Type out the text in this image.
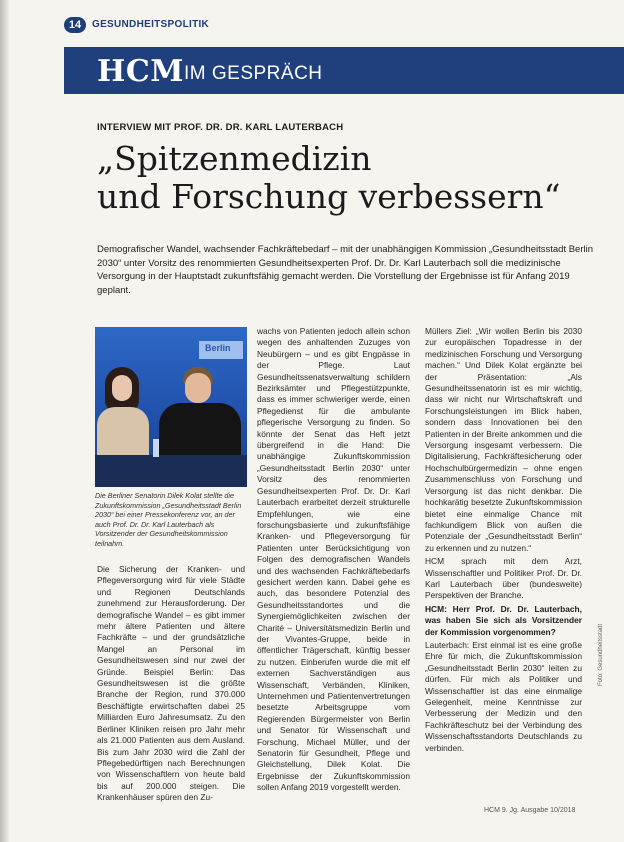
14	GESUNDHEITSPOLITIK
HCM IM GESPRÄCH
INTERVIEW MIT PROF. DR. DR. KARL LAUTERBACH
„Spitzenmedizin
und Forschung verbessern“
Demografischer Wandel, wachsender Fachkräftebedarf – mit der unabhängigen Kommission „Gesundheitsstadt Berlin 2030“ unter Vorsitz des renommierten Gesundheitsexperten Prof. Dr. Dr. Karl Lauterbach soll die medizinische Versorgung in der Hauptstadt zukunftsfähig gemacht werden. Die Vorstellung der Ergebnisse ist für Anfang 2019 geplant.
Berlin
Die Berliner Senatorin Dilek Kolat stellte die Zukunftskommission „Gesundheitsstadt Berlin 2030“ bei einer Pressekonferenz vor, an der auch Prof. Dr. Dr. Karl Lauterbach als Vorsitzender der Gesundheitskommission teilnahm.

Die Sicherung der Kranken- und Pflegeversorgung wird für viele Städte und Regionen Deutschlands zunehmend zur Herausforderung. Der demografische Wandel – es gibt immer mehr ältere Patienten und ältere Fachkräfte – und der grundsätzliche Mangel an Personal im Gesundheitswesen sind nur zwei der Gründe. Beispiel Berlin: Das Gesundheitswesen ist die größte Branche der Region, rund 370.000 Beschäftigte erwirtschaften dabei 25 Milliarden Euro Jahresumsatz. Zu den Berliner Kliniken reisen pro Jahr mehr als 21.000 Patienten aus dem Ausland. Bis zum Jahr 2030 wird die Zahl der Pflegebedürftigen nach Berechnungen von Wissenschaftlern von heute bald bis auf 200.000 steigen. Die Krankenhäuser spüren den Zu-

wachs von Patienten jedoch allein schon wegen des anhaltenden Zuzuges von Neubürgern – und es gibt Engpässe in der Pflege. Laut Gesundheitssenatsverwaltung schildern Bezirksämter und Pflegestützpunkte, dass es immer schwieriger werde, einen Pflegedienst für die ambulante pflegerische Versorgung zu finden. So könnte der Senat das Heft jetzt übergreifend in die Hand: Die unabhängige Zukunftskommission „Gesundheitsstadt Berlin 2030“ unter Vorsitz des renommierten Gesundheitsexperten Prof. Dr. Dr. Karl Lauterbach erarbeitet derzeit strukturelle Empfehlungen, wie eine forschungsbasierte und zukunftsfähige Kranken- und Pflegeversorgung für Patienten unter Berücksichtigung von Folgen des demografischen Wandels und des wachsenden Fachkräftebedarfs gesichert werden kann. Dabei gehe es auch, das besondere Potenzial des Gesundheitsstandortes und die Synergiemöglichkeiten zwischen der Charité – Universitätsmedizin Berlin und der Vivantes-Gruppe, beide in öffentlicher Trägerschaft, künftig besser zu nutzen. Einberufen wurde die mit elf externen Sachverständigen aus Wissenschaft, Verbänden, Kliniken, Unternehmen und Patientenvertretungen besetzte Arbeitsgruppe vom Regierenden Bürgermeister von Berlin und Senator für Wissenschaft und Forschung, Michael Müller, und der Senatorin für Gesundheit, Pflege und Gleichstellung, Dilek Kolat. Die Ergebnisse der Zukunftskommission sollen Anfang 2019 vorgestellt werden.

Müllers Ziel: „Wir wollen Berlin bis 2030 zur europäischen Topadresse in der medizinischen Forschung und Versorgung machen.“ Und Dilek Kolat ergänzte bei der Präsentation: „Als Gesundheitssenatorin ist es mir wichtig, dass wir nicht nur Wirtschaftskraft und Forschungsleistungen im Blick haben, sondern dass Innovationen bei den Patienten in der Breite ankommen und die Versorgung insgesamt verbessern. Die Digitalisierung, Fachkräftesicherung oder Hochschulbürgermedizin – ohne engen Zusammenschluss von Forschung und Versorgung ist das nicht denkbar. Die hochkarätig besetzte Zukunftskommission bietet eine einmalige Chance mit fachkundigem Blick von außen die Potenziale der „Gesundheitsstadt Berlin“ zu erkennen und zu nutzen.“

HCM sprach mit dem Arzt, Wissenschaftler und Politiker Prof. Dr. Dr. Karl Lauterbach über (bundesweite) Perspektiven der Branche.

HCM: Herr Prof. Dr. Dr. Lauterbach, was haben Sie sich als Vorsitzender der Kommission vorgenommen?

Lauterbach: Erst einmal ist es eine große Ehre für mich, die Zukunftskommission „Gesundheitsstadt Berlin 2030“ leiten zu dürfen. Für mich als Politiker und Wissenschaftler ist das eine einmalige Gelegenheit, meine Kenntnisse zur Verbesserung der Medizin und den Fachkräfteschutz bei der Verbindung des Wissenschaftsstandorts Deutschlands zu verbinden.

HCM 9. Jg. Ausgabe 10/2018
Foto: Gesundheitsstadt
